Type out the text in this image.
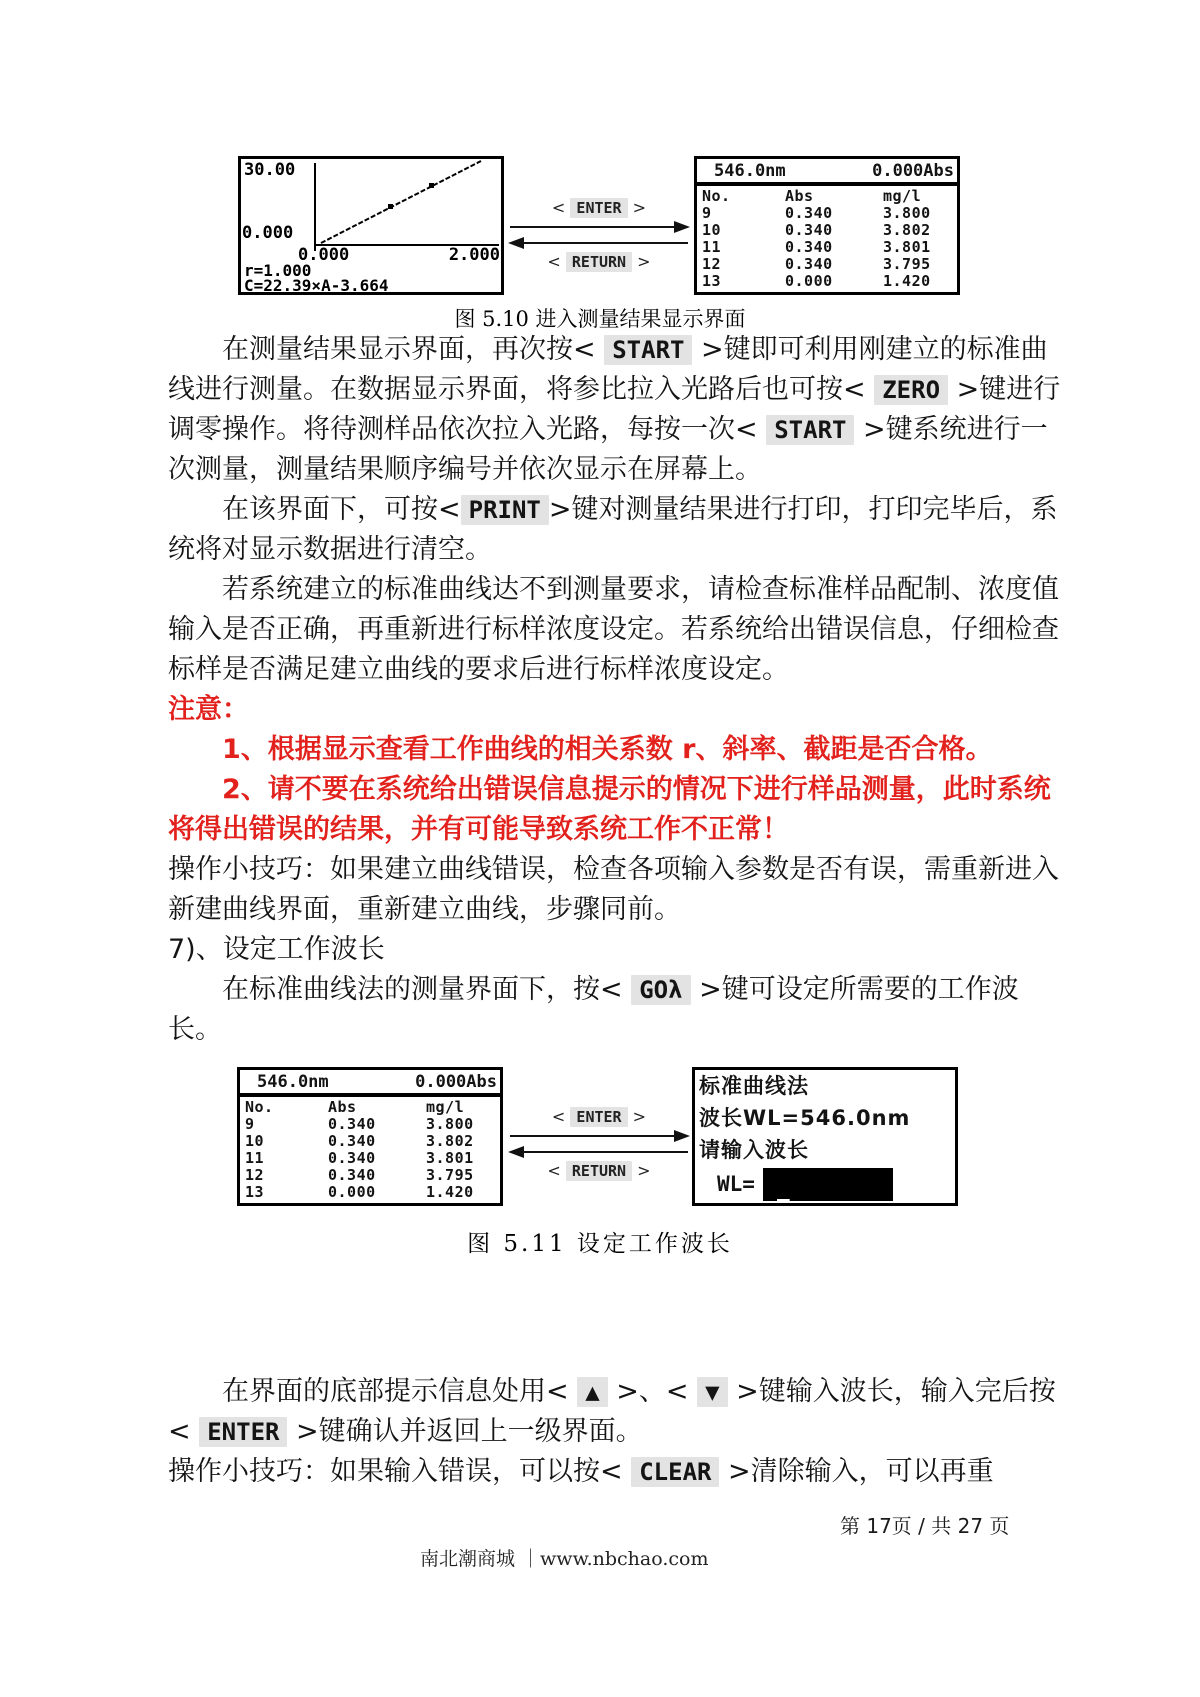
30.00
0.000
0.000	2.000
r=1.000
C=22.39×A-3.664
< ENTER >
< RETURN >
546.0nm	0.000Abs
No.	Abs	mg/l
9	0.340	3.800
10	0.340	3.802
11	0.340	3.801
12	0.340	3.795
13	0.000	1.420
图 5.10 进入测量结果显示界面
在测量结果显示界面，再次按< START >键即可利用刚建立的标准曲线进行测量。在数据显示界面，将参比拉入光路后也可按< ZERO >键进行调零操作。将待测样品依次拉入光路，每按一次< START >键系统进行一次测量，测量结果顺序编号并依次显示在屏幕上。
在该界面下，可按< PRINT >键对测量结果进行打印，打印完毕后，系统将对显示数据进行清空。
若系统建立的标准曲线达不到测量要求，请检查标准样品配制、浓度值输入是否正确，再重新进行标样浓度设定。若系统给出错误信息，仔细检查标样是否满足建立曲线的要求后进行标样浓度设定。
注意：
1、根据显示查看工作曲线的相关系数 r、斜率、截距是否合格。
2、请不要在系统给出错误信息提示的情况下进行样品测量，此时系统将得出错误的结果，并有可能导致系统工作不正常！
操作小技巧：如果建立曲线错误，检查各项输入参数是否有误，需重新进入新建曲线界面，重新建立曲线，步骤同前。
7)、设定工作波长
在标准曲线法的测量界面下，按< GOλ >键可设定所需要的工作波长。
546.0nm	0.000Abs
No.	Abs	mg/l
9	0.340	3.800
10	0.340	3.802
11	0.340	3.801
12	0.340	3.795
13	0.000	1.420
< ENTER >
< RETURN >
标准曲线法
波长WL=546.0nm
请输入波长
WL= _
图 5.11 设定工作波长
在界面的底部提示信息处用< ▲ >、< ▼ >键输入波长，输入完后按< ENTER >键确认并返回上一级界面。
操作小技巧：如果输入错误，可以按< CLEAR >清除输入，可以再重
第 17页 / 共 27 页
南北潮商城 ｜www.nbchao.com
